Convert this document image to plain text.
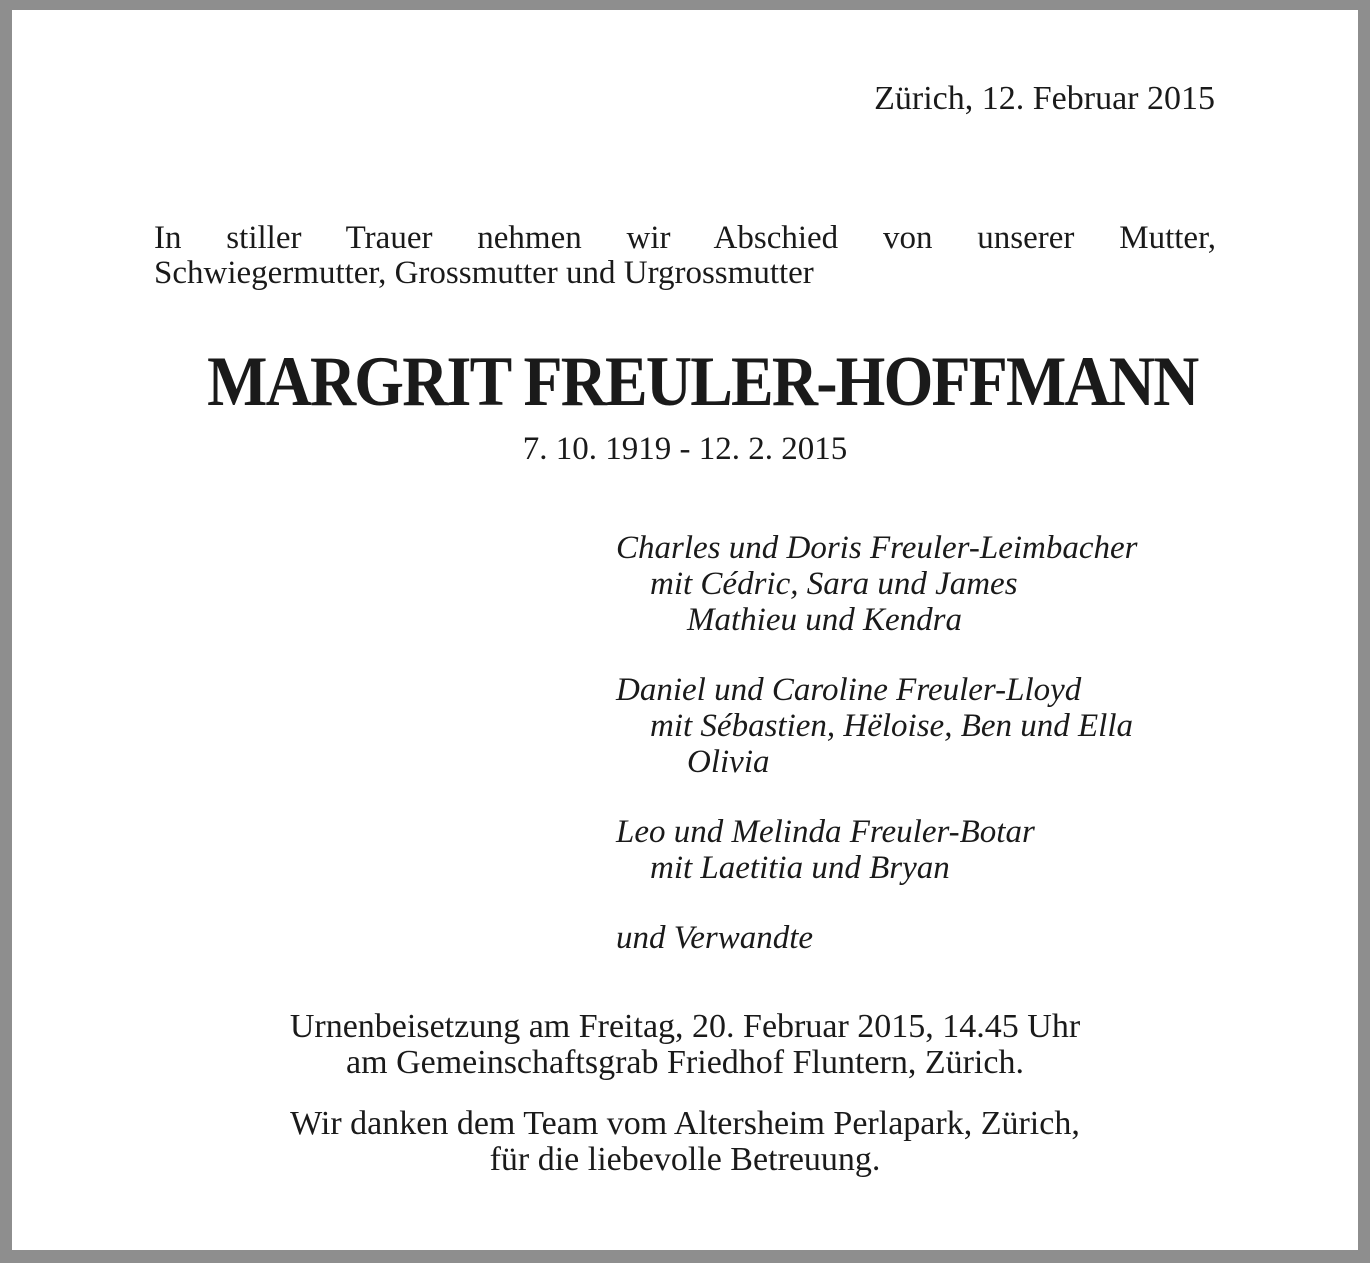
Zürich, 12. Februar 2015

In stiller Trauer nehmen wir Abschied von unserer Mutter,
Schwiegermutter, Grossmutter und Urgrossmutter
MARGRIT FREULER-HOFFMANN

7. 10. 1919 - 12. 2. 2015

Charles und Doris Freuler-Leimbacher
mit Cédric, Sara und James
Mathieu und Kendra
Daniel und Caroline Freuler-Lloyd
mit Sébastien, Hëloise, Ben und Ella
Olivia
Leo und Melinda Freuler-Botar
mit Laetitia und Bryan
und Verwandte
Urnenbeisetzung am Freitag, 20. Februar 2015, 14.45 Uhr
am Gemeinschaftsgrab Friedhof Fluntern, Zürich.
Wir danken dem Team vom Altersheim Perlapark, Zürich,
für die liebevolle Betreuung.
